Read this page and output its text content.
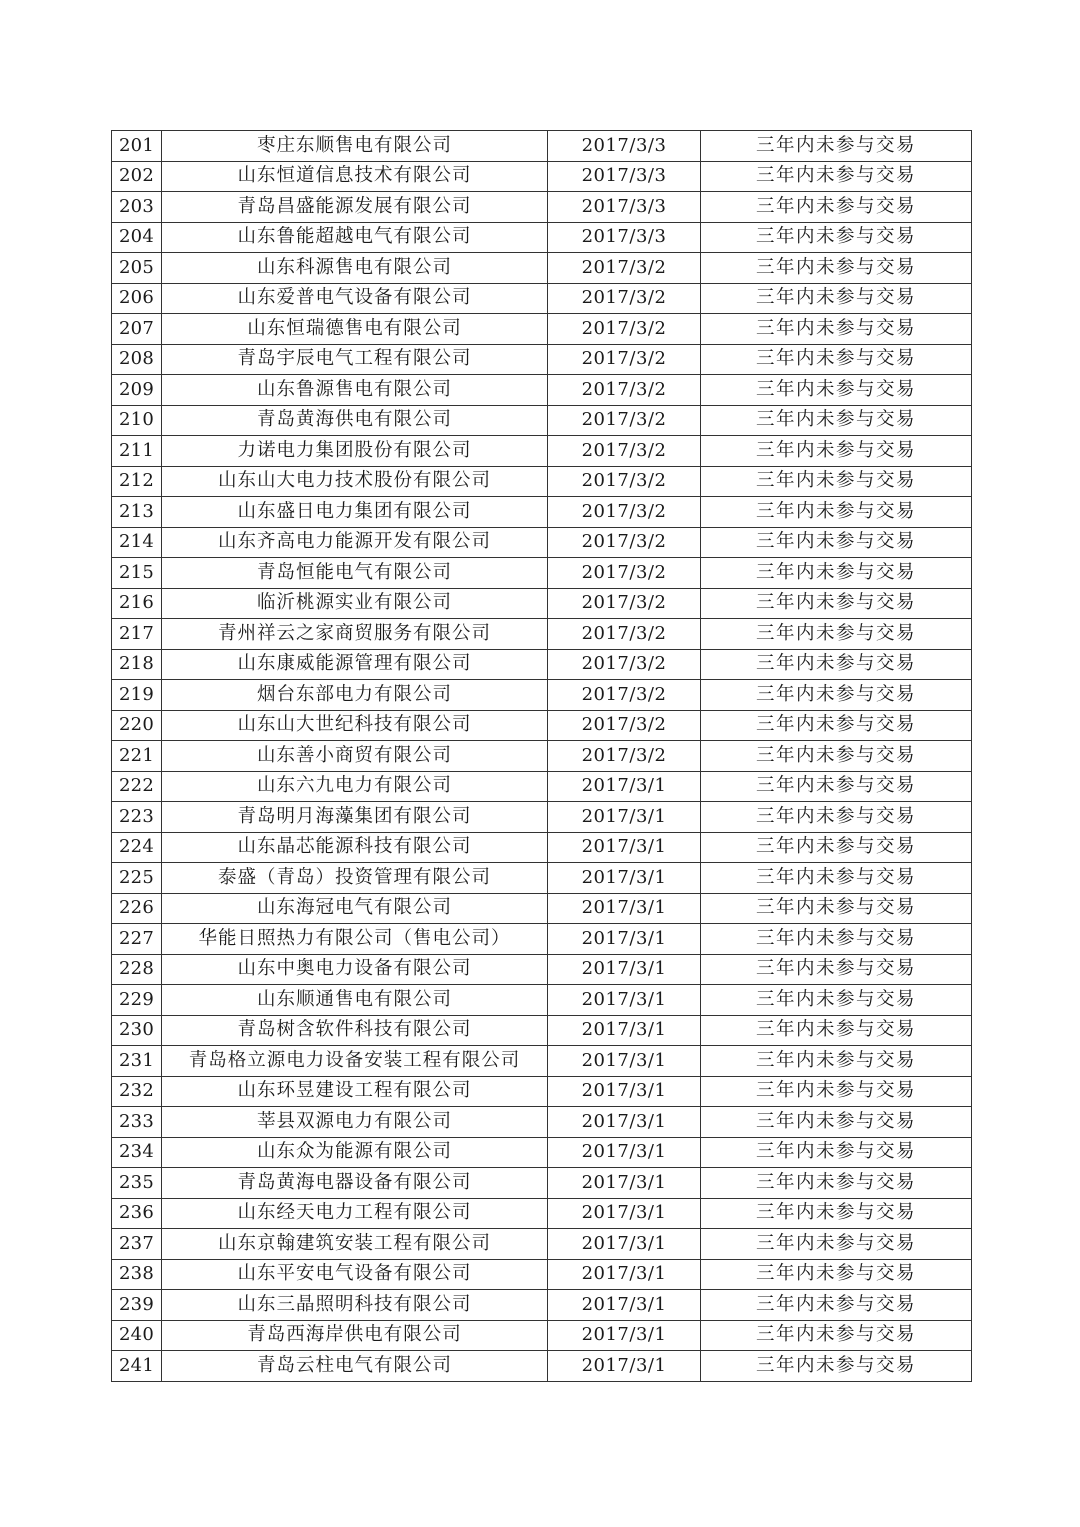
201	枣庄东顺售电有限公司	2017/3/3	三年内未参与交易
202	山东恒道信息技术有限公司	2017/3/3	三年内未参与交易
203	青岛昌盛能源发展有限公司	2017/3/3	三年内未参与交易
204	山东鲁能超越电气有限公司	2017/3/3	三年内未参与交易
205	山东科源售电有限公司	2017/3/2	三年内未参与交易
206	山东爱普电气设备有限公司	2017/3/2	三年内未参与交易
207	山东恒瑞德售电有限公司	2017/3/2	三年内未参与交易
208	青岛宇辰电气工程有限公司	2017/3/2	三年内未参与交易
209	山东鲁源售电有限公司	2017/3/2	三年内未参与交易
210	青岛黄海供电有限公司	2017/3/2	三年内未参与交易
211	力诺电力集团股份有限公司	2017/3/2	三年内未参与交易
212	山东山大电力技术股份有限公司	2017/3/2	三年内未参与交易
213	山东盛日电力集团有限公司	2017/3/2	三年内未参与交易
214	山东齐高电力能源开发有限公司	2017/3/2	三年内未参与交易
215	青岛恒能电气有限公司	2017/3/2	三年内未参与交易
216	临沂桃源实业有限公司	2017/3/2	三年内未参与交易
217	青州祥云之家商贸服务有限公司	2017/3/2	三年内未参与交易
218	山东康威能源管理有限公司	2017/3/2	三年内未参与交易
219	烟台东部电力有限公司	2017/3/2	三年内未参与交易
220	山东山大世纪科技有限公司	2017/3/2	三年内未参与交易
221	山东善小商贸有限公司	2017/3/2	三年内未参与交易
222	山东六九电力有限公司	2017/3/1	三年内未参与交易
223	青岛明月海藻集团有限公司	2017/3/1	三年内未参与交易
224	山东晶芯能源科技有限公司	2017/3/1	三年内未参与交易
225	泰盛（青岛）投资管理有限公司	2017/3/1	三年内未参与交易
226	山东海冠电气有限公司	2017/3/1	三年内未参与交易
227	华能日照热力有限公司（售电公司）	2017/3/1	三年内未参与交易
228	山东中奥电力设备有限公司	2017/3/1	三年内未参与交易
229	山东顺通售电有限公司	2017/3/1	三年内未参与交易
230	青岛树含软件科技有限公司	2017/3/1	三年内未参与交易
231	青岛格立源电力设备安装工程有限公司	2017/3/1	三年内未参与交易
232	山东环昱建设工程有限公司	2017/3/1	三年内未参与交易
233	莘县双源电力有限公司	2017/3/1	三年内未参与交易
234	山东众为能源有限公司	2017/3/1	三年内未参与交易
235	青岛黄海电器设备有限公司	2017/3/1	三年内未参与交易
236	山东经天电力工程有限公司	2017/3/1	三年内未参与交易
237	山东京翰建筑安装工程有限公司	2017/3/1	三年内未参与交易
238	山东平安电气设备有限公司	2017/3/1	三年内未参与交易
239	山东三晶照明科技有限公司	2017/3/1	三年内未参与交易
240	青岛西海岸供电有限公司	2017/3/1	三年内未参与交易
241	青岛云柱电气有限公司	2017/3/1	三年内未参与交易
